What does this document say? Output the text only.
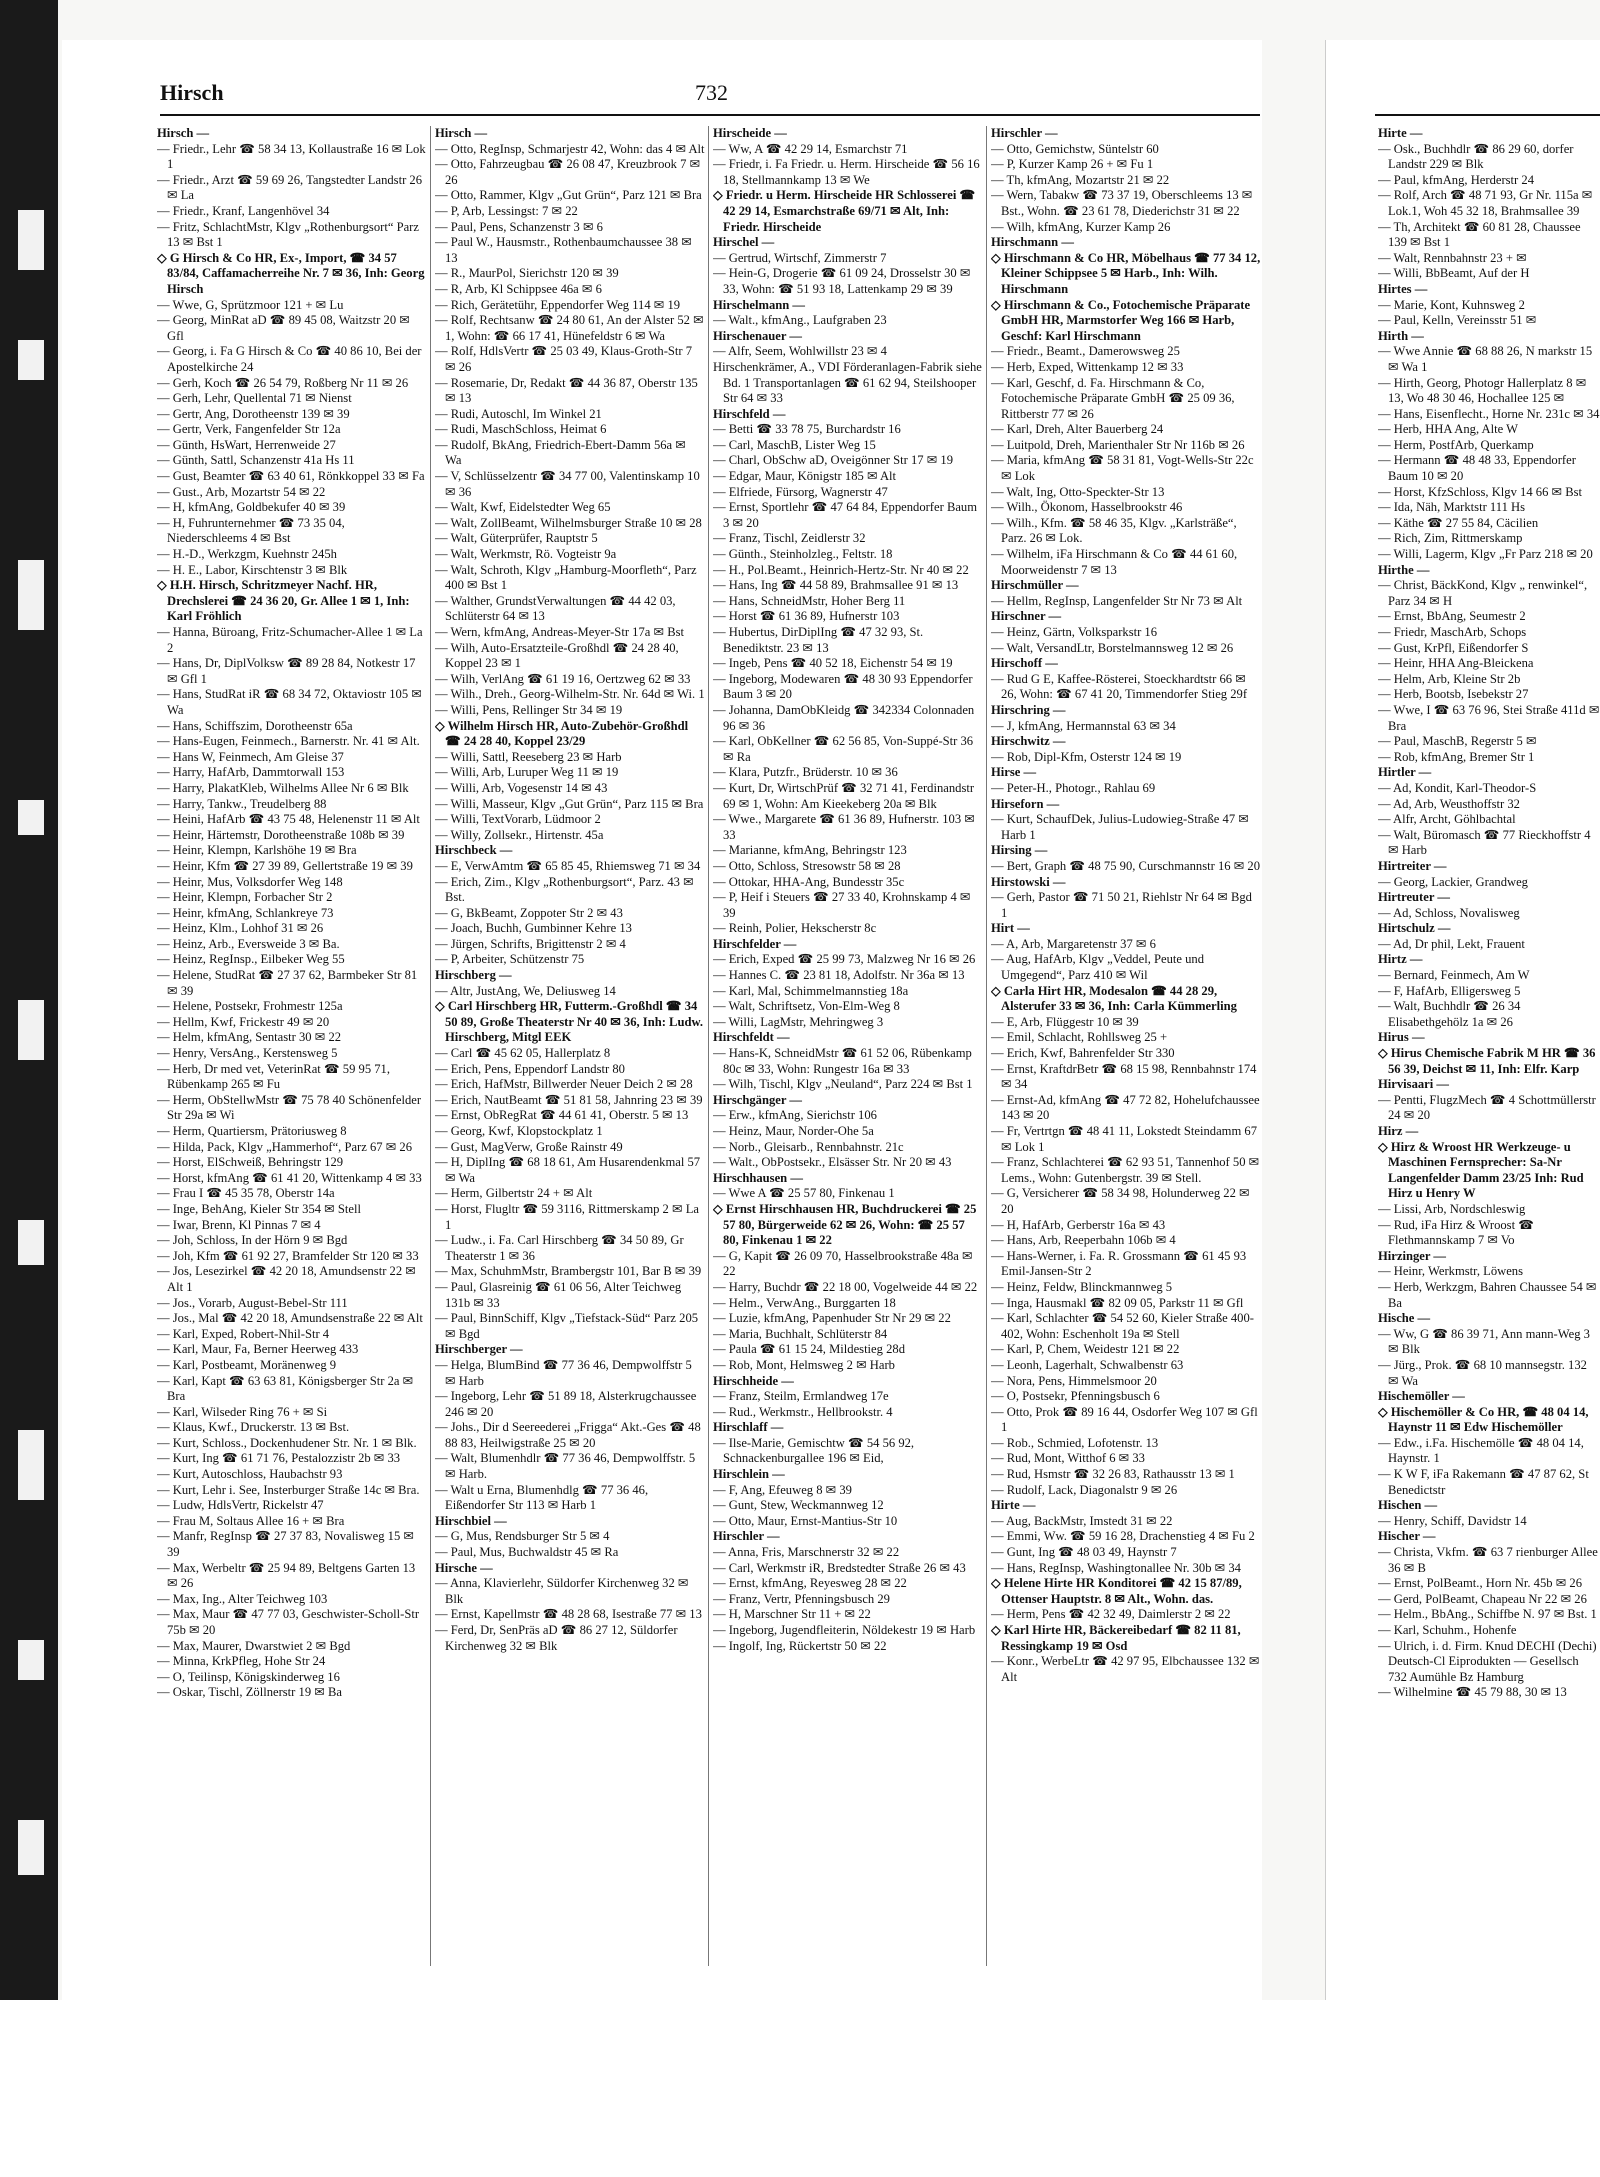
Hirsch	732

Hirsch —

— Friedr., Lehr ☎ 58 34 13, Kollaustraße 16 ✉ Lok 1

— Friedr., Arzt ☎ 59 69 26, Tangstedter Landstr 26 ✉ La

— Friedr., Kranf, Langenhövel 34

— Fritz, SchlachtMstr, Klgv „Rothenburgsort“ Parz 13 ✉ Bst 1

◇ G Hirsch & Co HR, Ex-, Import, ☎ 34 57 83/84, Caffamacherreihe Nr. 7 ✉ 36, Inh: Georg Hirsch

— Wwe, G, Sprützmoor 121 + ✉ Lu

— Georg, MinRat aD ☎ 89 45 08, Waitzstr 20 ✉ Gfl

— Georg, i. Fa G Hirsch & Co ☎ 40 86 10, Bei der Apostelkirche 24

— Gerh, Koch ☎ 26 54 79, Roßberg Nr 11 ✉ 26

— Gerh, Lehr, Quellental 71 ✉ Nienst

— Gertr, Ang, Dorotheenstr 139 ✉ 39

— Gertr, Verk, Fangenfelder Str 12a

— Günth, HsWart, Herrenweide 27

— Günth, Sattl, Schanzenstr 41a Hs 11

— Gust, Beamter ☎ 63 40 61, Rönkkoppel 33 ✉ Fa

— Gust., Arb, Mozartstr 54 ✉ 22

— H, kfmAng, Goldbekufer 40 ✉ 39

— H, Fuhrunternehmer ☎ 73 35 04, Niederschleems 4 ✉ Bst

— H.-D., Werkzgm, Kuehnstr 245h

— H. E., Labor, Kirschtenstr 3 ✉ Blk

◇ H.H. Hirsch, Schritzmeyer Nachf. HR, Drechslerei ☎ 24 36 20, Gr. Allee 1 ✉ 1, Inh: Karl Fröhlich

— Hanna, Büroang, Fritz-Schumacher-Allee 1 ✉ La 2

— Hans, Dr, DiplVolksw ☎ 89 28 84, Notkestr 17 ✉ Gfl 1

— Hans, StudRat iR ☎ 68 34 72, Oktaviostr 105 ✉ Wa

— Hans, Schiffszim, Dorotheenstr 65a

— Hans-Eugen, Feinmech., Barnerstr. Nr. 41 ✉ Alt.

— Hans W, Feinmech, Am Gleise 37

— Harry, HafArb, Dammtorwall 153

— Harry, PlakatKleb, Wilhelms Allee Nr 6 ✉ Blk

— Harry, Tankw., Treudelberg 88

— Heini, HafArb ☎ 43 75 48, Helenenstr 11 ✉ Alt

— Heinr, Härtemstr, Dorotheenstraße 108b ✉ 39

— Heinr, Klempn, Karlshöhe 19 ✉ Bra

— Heinr, Kfm ☎ 27 39 89, Gellertstraße 19 ✉ 39

— Heinr, Mus, Volksdorfer Weg 148

— Heinr, Klempn, Forbacher Str 2

— Heinr, kfmAng, Schlankreye 73

— Heinz, Klm., Lohhof 31 ✉ 26

— Heinz, Arb., Eversweide 3 ✉ Ba.

— Heinz, RegInsp., Eilbeker Weg 55

— Helene, StudRat ☎ 27 37 62, Barmbeker Str 81 ✉ 39

— Helene, Postsekr, Frohmestr 125a

— Hellm, Kwf, Frickestr 49 ✉ 20

— Helm, kfmAng, Sentastr 30 ✉ 22

— Henry, VersAng., Kerstensweg 5

— Herb, Dr med vet, VeterinRat ☎ 59 95 71, Rübenkamp 265 ✉ Fu

— Herm, ObStellwMstr ☎ 75 78 40 Schönenfelder Str 29a ✉ Wi

— Herm, Quartiersm, Prätoriusweg 8

— Hilda, Pack, Klgv „Hammerhof“, Parz 67 ✉ 26

— Horst, ElSchweiß, Behringstr 129

— Horst, kfmAng ☎ 61 41 20, Wittenkamp 4 ✉ 33

— Frau I ☎ 45 35 78, Oberstr 14a

— Inge, BehAng, Kieler Str 354 ✉ Stell

— Iwar, Brenn, Kl Pinnas 7 ✉ 4

— Joh, Schloss, In der Hörn 9 ✉ Bgd

— Joh, Kfm ☎ 61 92 27, Bramfelder Str 120 ✉ 33

— Jos, Lesezirkel ☎ 42 20 18, Amundsenstr 22 ✉ Alt 1

— Jos., Vorarb, August-Bebel-Str 111

— Jos., Mal ☎ 42 20 18, Amundsenstraße 22 ✉ Alt

— Karl, Exped, Robert-Nhil-Str 4

— Karl, Maur, Fa, Berner Heerweg 433

— Karl, Postbeamt, Moränenweg 9

— Karl, Kapt ☎ 63 63 81, Königsberger Str 2a ✉ Bra

— Karl, Wilseder Ring 76 + ✉ Si

— Klaus, Kwf., Druckerstr. 13 ✉ Bst.

— Kurt, Schloss., Dockenhudener Str. Nr. 1 ✉ Blk.

— Kurt, Ing ☎ 61 71 76, Pestalozzistr 2b ✉ 33

— Kurt, Autoschloss, Haubachstr 93

— Kurt, Lehr i. See, Insterburger Straße 14c ✉ Bra.

— Ludw, HdlsVertr, Rickelstr 47

— Frau M, Soltaus Allee 16 + ✉ Bra

— Manfr, RegInsp ☎ 27 37 83, Novaliswеg 15 ✉ 39

— Max, Werbeltr ☎ 25 94 89, Beltgens Garten 13 ✉ 26

— Max, Ing., Alter Teichweg 103

— Max, Maur ☎ 47 77 03, Geschwister-Scholl-Str 75b ✉ 20

— Max, Maurer, Dwarstwiet 2 ✉ Bgd

— Minna, KrkPfleg, Hohe Str 24

— O, Teilinsp, Königskinderweg 16

— Oskar, Tischl, Zöllnerstr 19 ✉ Ba

Hirsch —

— Otto, RegInsp, Schmarjestr 42, Wohn: das 4 ✉ Alt

— Otto, Fahrzeugbau ☎ 26 08 47, Kreuzbrook 7 ✉ 26

— Otto, Rammer, Klgv „Gut Grün“, Parz 121 ✉ Bra

— P, Arb, Lessingst: 7 ✉ 22

— Paul, Pens, Schanzenstr 3 ✉ 6

— Paul W., Hausmstr., Rothenbaumchaussee 38 ✉ 13

— R., MaurPol, Sierichstr 120 ✉ 39

— R, Arb, Kl Schippsee 46a ✉ 6

— Rich, Gerätetühr, Eppendorfer Weg 114 ✉ 19

— Rolf, Rechtsanw ☎ 24 80 61, An der Alster 52 ✉ 1, Wohn: ☎ 66 17 41, Hünefeldstr 6 ✉ Wa

— Rolf, HdlsVertr ☎ 25 03 49, Klaus-Groth-Str 7 ✉ 26

— Rosemarie, Dr, Redakt ☎ 44 36 87, Oberstr 135 ✉ 13

— Rudi, Autoschl, Im Winkel 21

— Rudi, MaschSchloss, Heimat 6

— Rudolf, BkAng, Friedrich-Ebert-Damm 56a ✉ Wa

— V, Schlüsselzentr ☎ 34 77 00, Valentinskamp 10 ✉ 36

— Walt, Kwf, Eidelstedter Weg 65

— Walt, ZollBeamt, Wilhelmsburger Straße 10 ✉ 28

— Walt, Güterprüfer, Rauptstr 5

— Walt, Werkmstr, Rö. Vogteistr 9a

— Walt, Schroth, Klgv „Hamburg-Moorfleth“, Parz 400 ✉ Bst 1

— Walther, GrundstVerwaltungen ☎ 44 42 03, Schlüterstr 64 ✉ 13

— Wern, kfmAng, Andreas-Meyer-Str 17a ✉ Bst

— Wilh, Auto-Ersatzteile-Großhdl ☎ 24 28 40, Koppel 23 ✉ 1

— Wilh, VerlAng ☎ 61 19 16, Oertzweg 62 ✉ 33

— Wilh., Dreh., Georg-Wilhelm-Str. Nr. 64d ✉ Wi. 1

— Willi, Pens, Rellinger Str 34 ✉ 19

◇ Wilhelm Hirsch HR, Auto-Zubehör-Großhdl ☎ 24 28 40, Koppel 23/29

— Willi, Sattl, Reeseberg 23 ✉ Harb

— Willi, Arb, Luruper Weg 11 ✉ 19

— Willi, Arb, Vogesenstr 14 ✉ 43

— Willi, Masseur, Klgv „Gut Grün“, Parz 115 ✉ Bra

— Willi, TextVorarb, Lüdmoor 2

— Willy, Zollsekr., Hirtenstr. 45a

Hirschbeck —

— E, VerwAmtm ☎ 65 85 45, Rhiemsweg 71 ✉ 34

— Erich, Zim., Klgv „Rothenburgsort“, Parz. 43 ✉ Bst.

— G, BkBeamt, Zoppoter Str 2 ✉ 43

— Joach, Buchh, Gumbinner Kehre 13

— Jürgen, Schrifts, Brigittenstr 2 ✉ 4

— P, Arbeiter, Schützenstr 75

Hirschberg —

— Altr, JustAng, We, Deliusweg 14

◇ Carl Hirschberg HR, Futterm.-Großhdl ☎ 34 50 89, Große Theaterstr Nr 40 ✉ 36, Inh: Ludw. Hirschberg, Mitgl EEK

— Carl ☎ 45 62 05, Hallerplatz 8

— Erich, Pens, Eppendorf Landstr 80

— Erich, HafMstr, Billwerder Neuer Deich 2 ✉ 28

— Erich, NautBeamt ☎ 51 81 58, Jahnring 23 ✉ 39

— Ernst, ObRegRat ☎ 44 61 41, Oberstr. 5 ✉ 13

— Georg, Kwf, Klopstockplatz 1

— Gust, MagVerw, Große Rainstr 49

— H, DiplIng ☎ 68 18 61, Am Husarendenkmal 57 ✉ Wa

— Herm, Gilbertstr 24 + ✉ Alt

— Horst, Flugltr ☎ 59 3116, Rittmerskamp 2 ✉ La 1

— Ludw., i. Fa. Carl Hirschberg ☎ 34 50 89, Gr Theaterstr 1 ✉ 36

— Max, SchuhmMstr, Brambergstr 101, Bar B ✉ 39

— Paul, Glasreinig ☎ 61 06 56, Alter Teichweg 131b ✉ 33

— Paul, BinnSchiff, Klgv „Tiefstack-Süd“ Parz 205 ✉ Bgd

Hirschberger —

— Helga, BlumBind ☎ 77 36 46, Dempwolffstr 5 ✉ Harb

— Ingeborg, Lehr ☎ 51 89 18, Alsterkrugchaussee 246 ✉ 20

— Johs., Dir d Seereederei „Frigga“ Akt.-Ges ☎ 48 88 83, Heilwigstraße 25 ✉ 20

— Walt, Blumenhdlr ☎ 77 36 46, Dempwolffstr. 5 ✉ Harb.

— Walt u Erna, Blumenhdlg ☎ 77 36 46, Eißendorfer Str 113 ✉ Harb 1

Hirschbiel —

— G, Mus, Rendsburger Str 5 ✉ 4

— Paul, Mus, Buchwaldstr 45 ✉ Ra

Hirsche —

— Anna, Klavierlehr, Süldorfer Kirchenweg 32 ✉ Blk

— Ernst, Kapellmstr ☎ 48 28 68, Isestraße 77 ✉ 13

— Ferd, Dr, SenPräs aD ☎ 86 27 12, Süldorfer Kirchenweg 32 ✉ Blk

Hirscheide —

— Ww, A ☎ 42 29 14, Esmarchstr 71

— Friedr, i. Fa Friedr. u. Herm. Hirscheide ☎ 56 16 18, Stellmannkamp 13 ✉ We

◇ Friedr. u Herm. Hirscheide HR Schlosserei ☎ 42 29 14, Esmarchstraße 69/71 ✉ Alt, Inh: Friedr. Hirscheide

Hirschel —

— Gertrud, Wirtschf, Zimmerstr 7

— Hein-G, Drogerie ☎ 61 09 24, Drosselstr 30 ✉ 33, Wohn: ☎ 51 93 18, Lattenkamp 29 ✉ 39

Hirschelmann —

— Walt., kfmAng., Laufgraben 23

Hirschenauer —

— Alfr, Seem, Wohlwillstr 23 ✉ 4

Hirschenkrämer, A., VDI Förderanlagen-Fabrik siehe Bd. 1 Transportanlagen ☎ 61 62 94, Steilshooper Str 64 ✉ 33

Hirschfeld —

— Betti ☎ 33 78 75, Burchardstr 16

— Carl, MaschB, Lister Weg 15

— Charl, ObSchw aD, Oveigönner Str 17 ✉ 19

— Edgar, Maur, Königstr 185 ✉ Alt

— Elfriede, Fürsorg, Wagnerstr 47

— Ernst, Sportlehr ☎ 47 64 84, Eppendorfer Baum 3 ✉ 20

— Franz, Tischl, Zeidlerstr 32

— Günth., Steinholzleg., Feltstr. 18

— H., Pol.Beamt., Heinrich-Hertz-Str. Nr 40 ✉ 22

— Hans, Ing ☎ 44 58 89, Brahmsallee 91 ✉ 13

— Hans, SchneidMstr, Hoher Berg 11

— Horst ☎ 61 36 89, Hufnerstr 103

— Hubertus, DirDiplIng ☎ 47 32 93, St. Benediktstr. 23 ✉ 13

— Ingeb, Pens ☎ 40 52 18, Eichenstr 54 ✉ 19

— Ingeborg, Modewaren ☎ 48 30 93 Eppendorfer Baum 3 ✉ 20

— Johanna, DamObKleidg ☎ 342334 Colonnaden 96 ✉ 36

— Karl, ObKellner ☎ 62 56 85, Von-Suppé-Str 36 ✉ Ra

— Klara, Putzfr., Brüderstr. 10 ✉ 36

— Kurt, Dr, WirtschPrüf ☎ 32 71 41, Ferdinandstr 69 ✉ 1, Wohn: Am Kieekeberg 20a ✉ Blk

— Wwe., Margarete ☎ 61 36 89, Hufnerstr. 103 ✉ 33

— Marianne, kfmAng, Behringstr 123

— Otto, Schloss, Stresowstr 58 ✉ 28

— Ottokar, HHA-Ang, Bundesstr 35c

— P, Heif i Steuers ☎ 27 33 40, Krohnskamp 4 ✉ 39

— Reinh, Polier, Hekscherstr 8c

Hirschfelder —

— Erich, Exped ☎ 25 99 73, Malzweg Nr 16 ✉ 26

— Hannes C. ☎ 23 81 18, Adolfstr. Nr 36a ✉ 13

— Karl, Mal, Schimmelmannstieg 18a

— Walt, Schriftsetz, Von-Elm-Weg 8

— Willi, LagMstr, Mehringweg 3

Hirschfeldt —

— Hans-K, SchneidMstr ☎ 61 52 06, Rübenkamp 80c ✉ 33, Wohn: Rungestr 16a ✉ 33

— Wilh, Tischl, Klgv „Neuland“, Parz 224 ✉ Bst 1

Hirschgänger —

— Erw., kfmAng, Sierichstr 106

— Heinz, Maur, Norder-Ohe 5a

— Norb., Gleisarb., Rennbahnstr. 21c

— Walt., ObPostsekr., Elsässer Str. Nr 20 ✉ 43

Hirschhausen —

— Wwe A ☎ 25 57 80, Finkenau 1

◇ Ernst Hirschhausen HR, Buchdruckerei ☎ 25 57 80, Bürgerweide 62 ✉ 26, Wohn: ☎ 25 57 80, Finkenau 1 ✉ 22

— G, Kapit ☎ 26 09 70, Hasselbrookstraße 48a ✉ 22

— Harry, Buchdr ☎ 22 18 00, Vogelweide 44 ✉ 22

— Helm., VerwAng., Burggarten 18

— Luzie, kfmAng, Papenhuder Str Nr 29 ✉ 22

— Maria, Buchhalt, Schlüterstr 84

— Paula ☎ 61 15 24, Mildestieg 28d

— Rob, Mont, Helmsweg 2 ✉ Harb

Hirschheide —

— Franz, Steilm, Ermlandweg 17e

— Rud., Werkmstr., Hellbrookstr. 4

Hirschlaff —

— Ilse-Marie, Gemischtw ☎ 54 56 92, Schnackenburgallee 196 ✉ Eid,

Hirschlein —

— F, Ang, Efeuweg 8 ✉ 39

— Gunt, Stew, Weckmannweg 12

— Otto, Maur, Ernst-Mantius-Str 10

Hirschler —

— Anna, Fris, Marschnerstr 32 ✉ 22

— Carl, Werkmstr iR, Bredstedter Straße 26 ✉ 43

— Ernst, kfmAng, Reyesweg 28 ✉ 22

— Franz, Vertr, Pfenningsbusch 29

— H, Marschner Str 11 + ✉ 22

— Ingeborg, Jugendfleiterin, Nöldekestr 19 ✉ Harb

— Ingolf, Ing, Rückertstr 50 ✉ 22

Hirschler —

— Otto, Gemichstw, Süntelstr 60

— P, Kurzer Kamp 26 + ✉ Fu 1

— Th, kfmAng, Mozartstr 21 ✉ 22

— Wern, Tabakw ☎ 73 37 19, Oberschleems 13 ✉ Bst., Wohn. ☎ 23 61 78, Diederichstr 31 ✉ 22

— Wilh, kfmAng, Kurzer Kamp 26

Hirschmann —

◇ Hirschmann & Co HR, Möbelhaus ☎ 77 34 12, Kleiner Schippsee 5 ✉ Harb., Inh: Wilh. Hirschmann

◇ Hirschmann & Co., Fotochemische Präparate GmbH HR, Marmstorfer Weg 166 ✉ Harb, Geschf: Karl Hirschmann

— Friedr., Beamt., Damerowsweg 25

— Herb, Exped, Wittenkamp 12 ✉ 33

— Karl, Geschf, d. Fa. Hirschmann & Co, Fotochemische Präparate GmbH ☎ 25 09 36, Rittberstr 77 ✉ 26

— Karl, Dreh, Alter Bauerberg 24

— Luitpold, Dreh, Marienthaler Str Nr 116b ✉ 26

— Maria, kfmAng ☎ 58 31 81, Vogt-Wells-Str 22c ✉ Lok

— Walt, Ing, Otto-Speckter-Str 13

— Wilh., Ökonom, Hasselbrookstr 46

— Wilh., Kfm. ☎ 58 46 35, Klgv. „Karlsträße“, Parz. 26 ✉ Lok.

— Wilhelm, iFa Hirschmann & Co ☎ 44 61 60, Moorweidenstr 7 ✉ 13

Hirschmüller —

— Hellm, RegInsp, Langenfelder Str Nr 73 ✉ Alt

Hirschner —

— Heinz, Gärtn, Volksparkstr 16

— Walt, VersandLtr, Borstelmannsweg 12 ✉ 26

Hirschoff —

— Rud G E, Kaffee-Rösterei, Stoeckhardtstr 66 ✉ 26, Wohn: ☎ 67 41 20, Timmendorfer Stieg 29f

Hirschring —

— J, kfmAng, Hermannstal 63 ✉ 34

Hirschwitz —

— Rob, Dipl-Kfm, Osterstr 124 ✉ 19

Hirse —

— Peter-H., Photogr., Rahlau 69

Hirseforn —

— Kurt, SchaufDek, Julius-Ludowieg-Straße 47 ✉ Harb 1

Hirsing —

— Bert, Graph ☎ 48 75 90, Curschmannstr 16 ✉ 20

Hirstowski —

— Gerh, Pastor ☎ 71 50 21, Riehlstr Nr 64 ✉ Bgd 1

Hirt —

— A, Arb, Margaretenstr 37 ✉ 6

— Aug, HafArb, Klgv „Veddel, Peute und Umgegend“, Parz 410 ✉ Wil

◇ Carla Hirt HR, Modesalon ☎ 44 28 29, Alsterufer 33 ✉ 36, Inh: Carla Kümmerling

— E, Arb, Flüggestr 10 ✉ 39

— Emil, Schlacht, Rohllsweg 25 +

— Erich, Kwf, Bahrenfelder Str 330

— Ernst, KraftdrBetr ☎ 68 15 98, Rennbahnstr 174 ✉ 34

— Ernst-Ad, kfmAng ☎ 47 72 82, Hohelufchaussee 143 ✉ 20

— Fr, Vertrtgn ☎ 48 41 11, Lokstedt Steindamm 67 ✉ Lok 1

— Franz, Schlachterei ☎ 62 93 51, Tannenhof 50 ✉ Lems., Wohn: Gutenbergstr. 39 ✉ Stell.

— G, Versicherer ☎ 58 34 98, Holunderweg 22 ✉ 20

— H, HafArb, Gerberstr 16a ✉ 43

— Hans, Arb, Reeperbahn 106b ✉ 4

— Hans-Werner, i. Fa. R. Grossmann ☎ 61 45 93 Emil-Jansen-Str 2

— Heinz, Feldw, Blinckmannweg 5

— Inga, Hausmakl ☎ 82 09 05, Parkstr 11 ✉ Gfl

— Karl, Schlachter ☎ 54 52 60, Kieler Straße 400-402, Wohn: Eschenholt 19a ✉ Stell

— Karl, P, Chem, Weidestr 121 ✉ 22

— Leonh, Lagerhalt, Schwalbenstr 63

— Nora, Pens, Himmelsmoor 20

— O, Postsekr, Pfenningsbusch 6

— Otto, Prok ☎ 89 16 44, Osdorfer Weg 107 ✉ Gfl 1

— Rob., Schmied, Lofotenstr. 13

— Rud, Mont, Witthof 6 ✉ 33

— Rud, Hsmstr ☎ 32 26 83, Rathausstr 13 ✉ 1

— Rudolf, Lack, Diagonalstr 9 ✉ 26

Hirte —

— Aug, BackMstr, Imstedt 31 ✉ 22

— Emmi, Ww. ☎ 59 16 28, Drachenstieg 4 ✉ Fu 2

— Gunt, Ing ☎ 48 03 49, Haynstr 7

— Hans, RegInsp, Washingtonallee Nr. 30b ✉ 34

◇ Helene Hirte HR Konditorei ☎ 42 15 87/89, Ottenser Hauptstr. 8 ✉ Alt., Wohn. das.

— Herm, Pens ☎ 42 32 49, Daimlerstr 2 ✉ 22

◇ Karl Hirte HR, Bäckereibedarf ☎ 82 11 81, Ressingkamp 19 ✉ Osd

— Konr., WerbeLtr ☎ 42 97 95, Elbchaussee 132 ✉ Alt

Hirte —

— Osk., Buchhdlr ☎ 86 29 60, dorfer Landstr 229 ✉ Blk

— Paul, kfmAng, Herderstr 24

— Rolf, Arch ☎ 48 71 93, Gr Nr. 115a ✉ Lok.1, Woh 45 32 18, Brahmsallee 39

— Th, Architekt ☎ 60 81 28, Chaussee 139 ✉ Bst 1

— Walt, Rennbahnstr 23 + ✉

— Willi, BbBeamt, Auf der H

Hirtes —

— Marie, Kont, Kuhnsweg 2

— Paul, Kelln, Vereinsstr 51 ✉

Hirth —

— Wwe Annie ☎ 68 88 26, N markstr 15 ✉ Wa 1

— Hirth, Georg, Photogr Hallerplatz 8 ✉ 13, Wo 48 30 46, Hochallee 125 ✉

— Hans, Eisenflecht., Horne Nr. 231c ✉ 34

— Herb, HHA Ang, Alte W

— Herm, PostfArb, Querkamp

— Hermann ☎ 48 48 33, Eppendorfer Baum 10 ✉ 20

— Horst, KfzSchloss, Klgv 14 66 ✉ Bst

— Ida, Näh, Marktstr 111 Hs

— Käthe ☎ 27 55 84, Cäcilien

— Rich, Zim, Rittmerskamp

— Willi, Lagerm, Klgv „Fr Parz 218 ✉ 20

Hirthe —

— Christ, BäckKond, Klgv „ renwinkel“, Parz 34 ✉ H

— Ernst, BbAng, Seumestr 2

— Friedr, MaschArb, Schops

— Gust, KrPfl, Eißendorfer S

— Heinr, HHA Ang-Bleickena

— Helm, Arb, Kleine Str 2b

— Herb, Bootsb, Isebekstr 27

— Wwe, I ☎ 63 76 96, Stei Straße 411d ✉ Bra

— Paul, MaschB, Regerstr 5 ✉

— Rob, kfmAng, Bremer Str 1

Hirtler —

— Ad, Kondit, Karl-Theodor-S

— Ad, Arb, Weusthoffstr 32

— Alfr, Archt, Göhlbachtal

— Walt, Büromasch ☎ 77 Rieckhoffstr 4 ✉ Harb

Hirtreiter —

— Georg, Lackier, Grandweg

Hirtreuter —

— Ad, Schloss, Novalisweg

Hirtschulz —

— Ad, Dr phil, Lekt, Frauent

Hirtz —

— Bernard, Feinmech, Am W

— F, HafArb, Elligersweg 5

— Walt, Buchhdlr ☎ 26 34 Elisabethgehölz 1a ✉ 26

Hirus —

◇ Hirus Chemische Fabrik M HR ☎ 36 56 39, Deichst ✉ 11, Inh: Elfr. Karp

Hirvisaari —

— Pentti, FlugzMech ☎ 4 Schottmüllerstr 24 ✉ 20

Hirz —

◇ Hirz & Wroost HR Werkzeuge- u Maschinen Fernsprecher: Sa-Nr Langenfelder Damm 23/25 Inh: Rud Hirz u Henry W

— Lissi, Arb, Nordschleswig

— Rud, iFa Hirz & Wroost ☎ Flethmannskamp 7 ✉ Vo

Hirzinger —

— Heinr, Werkmstr, Löwens

— Herb, Werkzgm, Bahren Chaussee 54 ✉ Ba

Hische —

— Ww, G ☎ 86 39 71, Ann mann-Weg 3 ✉ Blk

— Jürg., Prok. ☎ 68 10 mannsegstr. 132 ✉ Wa

Hischemöller —

◇ Hischemöller & Co HR, ☎ 48 04 14, Haynstr 11 ✉ Edw Hischemöller

— Edw., i.Fa. Hischemölle ☎ 48 04 14, Haynstr. 1

— K W F, iFa Rakemann ☎ 47 87 62, St Benedictstr

Hischen —

— Henry, Schiff, Davidstr 14

Hischer —

— Christa, Vkfm. ☎ 63 7 rienburger Allee 36 ✉ B

— Ernst, PolBeamt., Horn Nr. 45b ✉ 26

— Gerd, PolBeamt, Chapeau Nr 22 ✉ 26

— Helm., BbAng., Schiffbe N. 97 ✉ Bst. 1

— Karl, Schuhm., Hohenfe

— Ulrich, i. d. Firm. Knud DECHI (Dechi) Deutsch-Cl Eiprodukten — Gesellsch 732 Aumühle Bz Hamburg

— Wilhelmine ☎ 45 79 88, 30 ✉ 13
